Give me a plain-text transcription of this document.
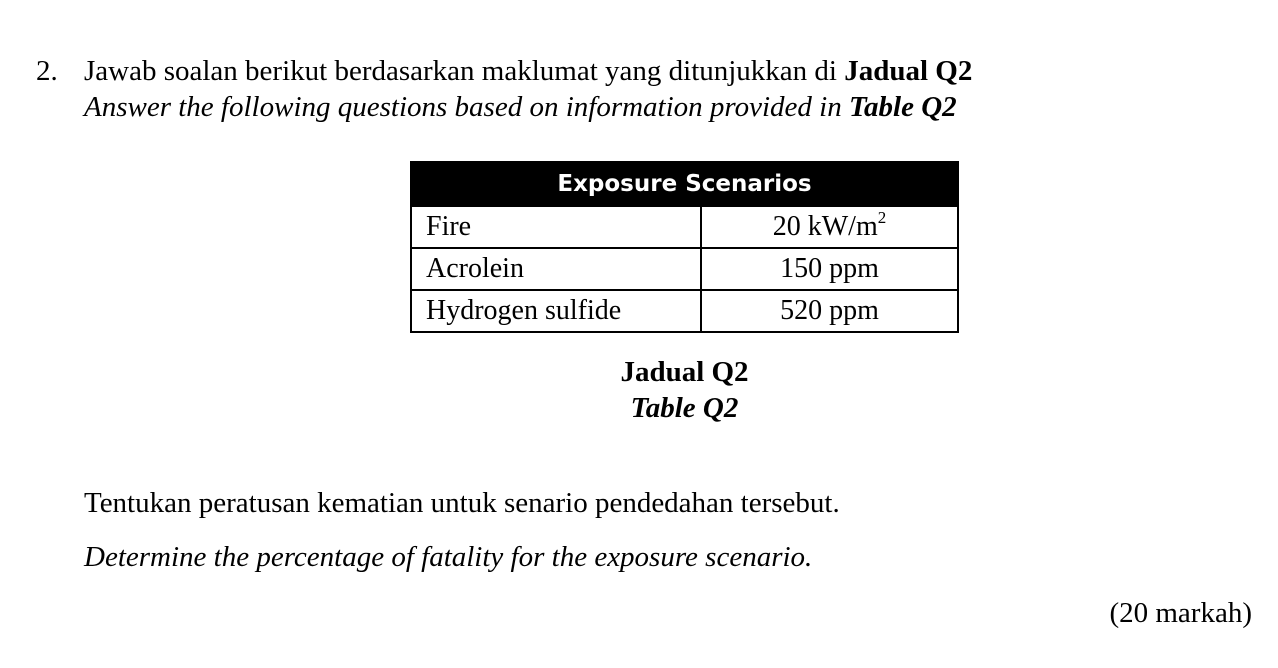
2. Jawab soalan berikut berdasarkan maklumat yang ditunjukkan di Jadual Q2
Answer the following questions based on information provided in Table Q2
Exposure Scenarios	
Fire	20 $kW/m^2$
Acrolein	150 ppm
Hydrogen sulfide	520 ppm
Jadual Q2
Table Q2
Tentukan peratusan kematian untuk senario pendedahan tersebut.
Determine the percentage of fatality for the exposure scenario.
(20 markah)
